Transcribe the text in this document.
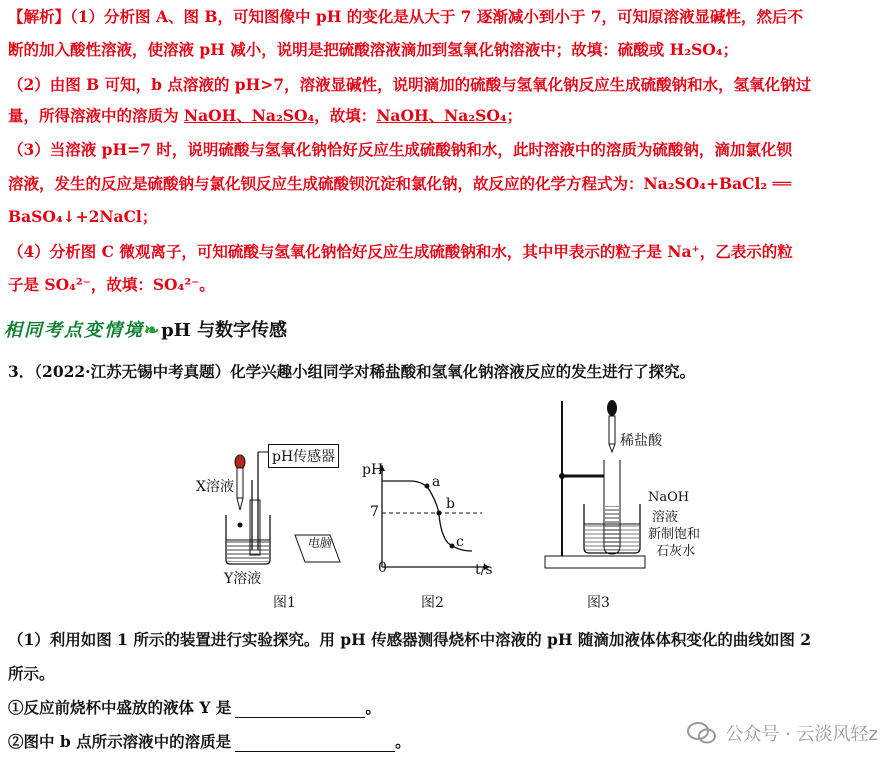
【解析】（1）分析图 A、图 B，可知图像中 pH 的变化是从大于 7 逐渐减小到小于 7，可知原溶液显碱性，然后不
断的加入酸性溶液，使溶液 pH 减小，说明是把硫酸溶液滴加到氢氧化钠溶液中；故填：硫酸或 H₂SO₄；
（2）由图 B 可知，b 点溶液的 pH>7，溶液显碱性，说明滴加的硫酸与氢氧化钠反应生成硫酸钠和水，氢氧化钠过
量，所得溶液中的溶质为 NaOH、Na₂SO₄，故填：NaOH、Na₂SO₄；
（3）当溶液 pH=7 时，说明硫酸与氢氧化钠恰好反应生成硫酸钠和水，此时溶液中的溶质为硫酸钠，滴加氯化钡
溶液，发生的反应是硫酸钠与氯化钡反应生成硫酸钡沉淀和氯化钠，故反应的化学方程式为：Na₂SO₄+BaCl₂ ══
BaSO₄↓+2NaCl；
（4）分析图 C 微观离子，可知硫酸与氢氧化钠恰好反应生成硫酸钠和水，其中甲表示的粒子是 Na⁺，乙表示的粒
子是 SO₄²⁻，故填：SO₄²⁻。
相同考点变情境❧pH 与数字传感
3．（2022·江苏无锡中考真题）化学兴趣小组同学对稀盐酸和氢氧化钠溶液反应的发生进行了探究。
X溶液
pH传感器
Y溶液
电脑
图1
pH
7
0	t/s
a
b
c
图2
稀盐酸
NaOH
溶液
新制饱和
石灰水
图3
（1）利用如图 1 所示的装置进行实验探究。用 pH 传感器测得烧杯中溶液的 pH 随滴加液体体积变化的曲线如图 2
所示。
①反应前烧杯中盛放的液体 Y 是	。
②图中 b 点所示溶液中的溶质是	。	公众号 · 云淡风轻z
